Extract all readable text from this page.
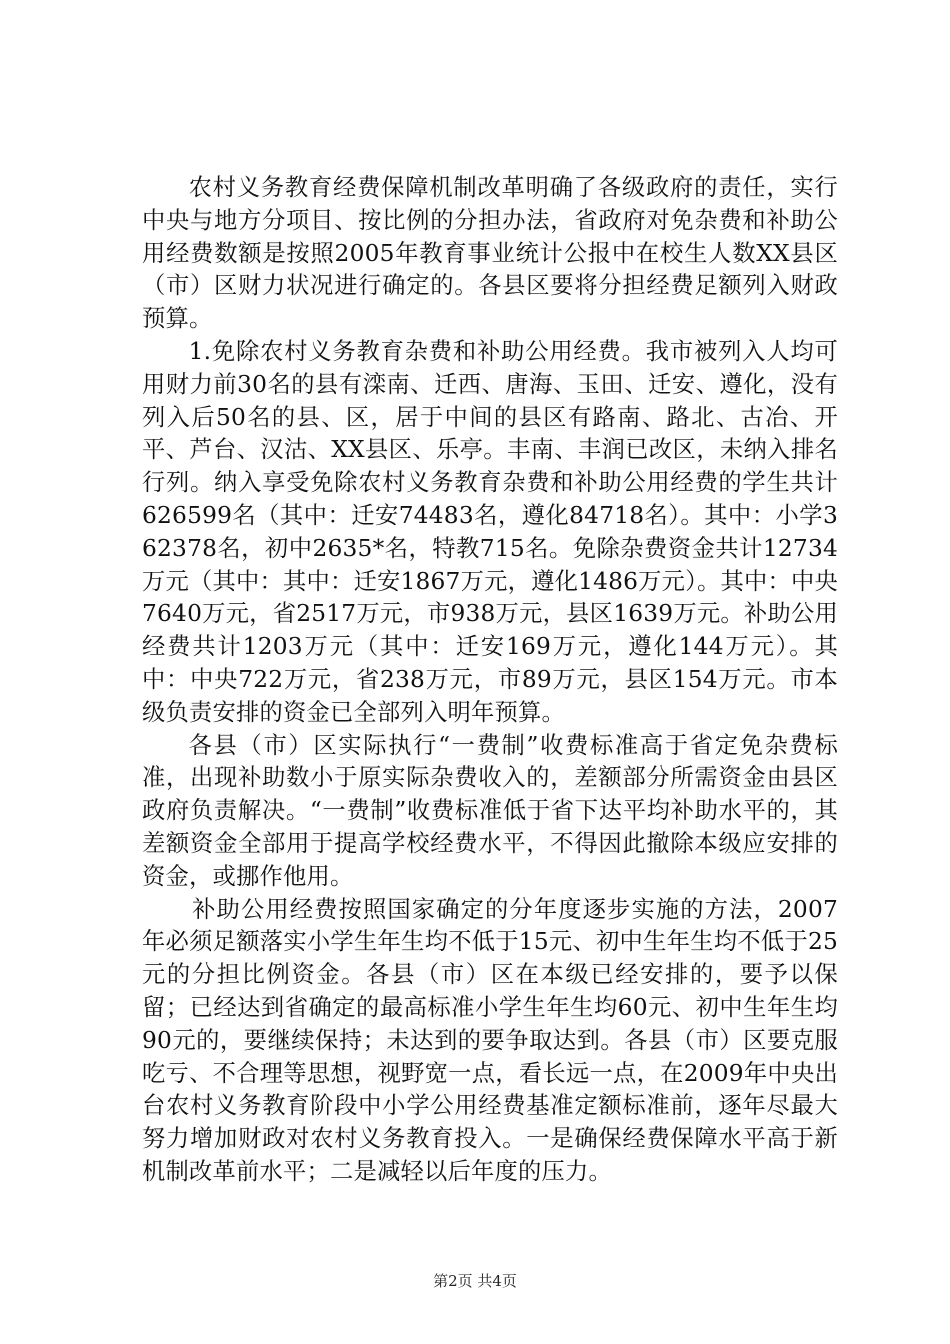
农村义务教育经费保障机制改革明确了各级政府的责任，实行中央与地方分项目、按比例的分担办法，省政府对免杂费和补助公用经费数额是按照2005年教育事业统计公报中在校生人数XX县区（市）区财力状况进行确定的。各县区要将分担经费足额列入财政预算。

1.免除农村义务教育杂费和补助公用经费。我市被列入人均可用财力前30名的县有滦南、迁西、唐海、玉田、迁安、遵化，没有列入后50名的县、区，居于中间的县区有路南、路北、古冶、开平、芦台、汉沽、XX县区、乐亭。丰南、丰润已改区，未纳入排名行列。纳入享受免除农村义务教育杂费和补助公用经费的学生共计626599名（其中：迁安74483名，遵化84718名）。其中：小学362378名，初中2635*名，特教715名。免除杂费资金共计12734万元（其中：其中：迁安1867万元，遵化1486万元）。其中：中央7640万元，省2517万元，市938万元，县区1639万元。补助公用经费共计1203万元（其中：迁安169万元，遵化144万元）。其中：中央722万元，省238万元，市89万元，县区154万元。市本级负责安排的资金已全部列入明年预算。

各县（市）区实际执行“一费制”收费标准高于省定免杂费标准，出现补助数小于原实际杂费收入的，差额部分所需资金由县区政府负责解决。“一费制”收费标准低于省下达平均补助水平的，其差额资金全部用于提高学校经费水平，不得因此撤除本级应安排的资金，或挪作他用。

补助公用经费按照国家确定的分年度逐步实施的方法，2007年必须足额落实小学生年生均不低于15元、初中生年生均不低于25元的分担比例资金。各县（市）区在本级已经安排的，要予以保留；已经达到省确定的最高标准小学生年生均60元、初中生年生均90元的，要继续保持；未达到的要争取达到。各县（市）区要克服吃亏、不合理等思想，视野宽一点，看长远一点，在2009年中央出台农村义务教育阶段中小学公用经费基准定额标准前，逐年尽最大努力增加财政对农村义务教育投入。一是确保经费保障水平高于新机制改革前水平；二是减轻以后年度的压力。

第2页 共4页
